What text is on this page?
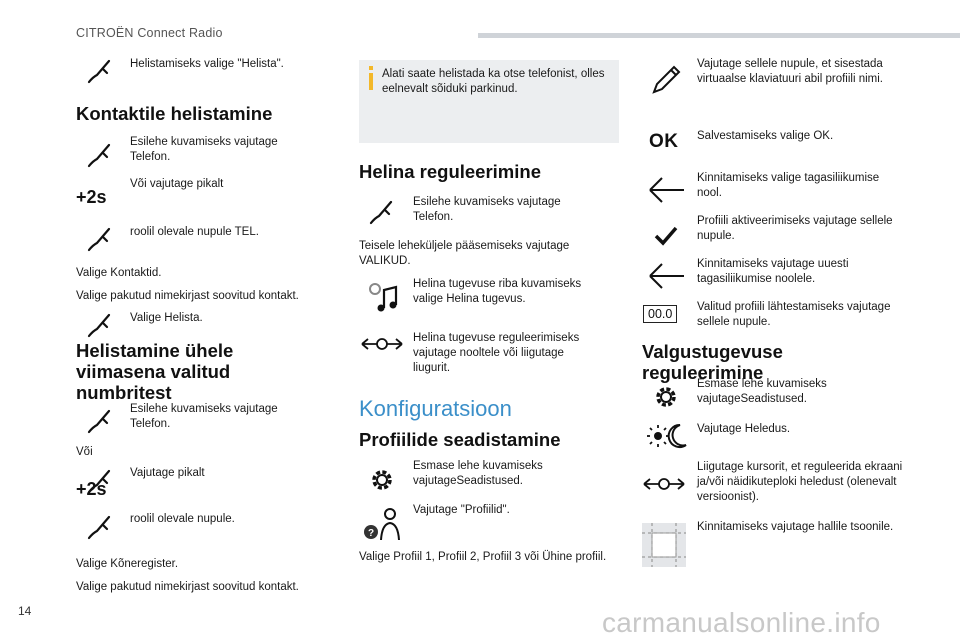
CITROËN Connect Radio
Helistamiseks valige "Helista".
Kontaktile helistamine
Esilehe kuvamiseks vajutage Telefon.
+2s
Või vajutage pikalt
roolil olevale nupule TEL.
Valige Kontaktid.
Valige pakutud nimekirjast soovitud kontakt.
Valige Helista.
Helistamine ühele viimasena valitud numbritest
Esilehe kuvamiseks vajutage Telefon.
Või
Vajutage pikalt
+2s
roolil olevale nupule.
Valige Kõneregister.
Valige pakutud nimekirjast soovitud kontakt.
Alati saate helistada ka otse telefonist, olles eelnevalt sõiduki parkinud.
Helina reguleerimine
Esilehe kuvamiseks vajutage Telefon.
Teisele leheküljele pääsemiseks vajutage VALIKUD.
Helina tugevuse riba kuvamiseks valige Helina tugevus.
Helina tugevuse reguleerimiseks vajutage nooltele või liigutage liugurit.
Konfiguratsioon
Profiilide seadistamine
Esmase lehe kuvamiseks vajutageSeadistused.
?
Vajutage "Profiilid".
Valige Profiil 1, Profiil 2, Profiil 3 või Ühine profiil.
Vajutage sellele nupule, et sisestada virtuaalse klaviatuuri abil profiili nimi.
OK Salvestamiseks valige OK.
Kinnitamiseks valige tagasiliikumise nool.
Profiili aktiveerimiseks vajutage sellele nupule.
Kinnitamiseks vajutage uuesti tagasiliikumise noolele.
00.0	Valitud profiili lähtestamiseks vajutage sellele nupule.
Valgustugevuse reguleerimine
Esmase lehe kuvamiseks vajutageSeadistused.
Vajutage Heledus.
Liigutage kursorit, et reguleerida ekraani ja/või näidikuteploki heledust (olenevalt versioonist).
Kinnitamiseks vajutage hallile tsoonile.
14	carmanualsonline.info
